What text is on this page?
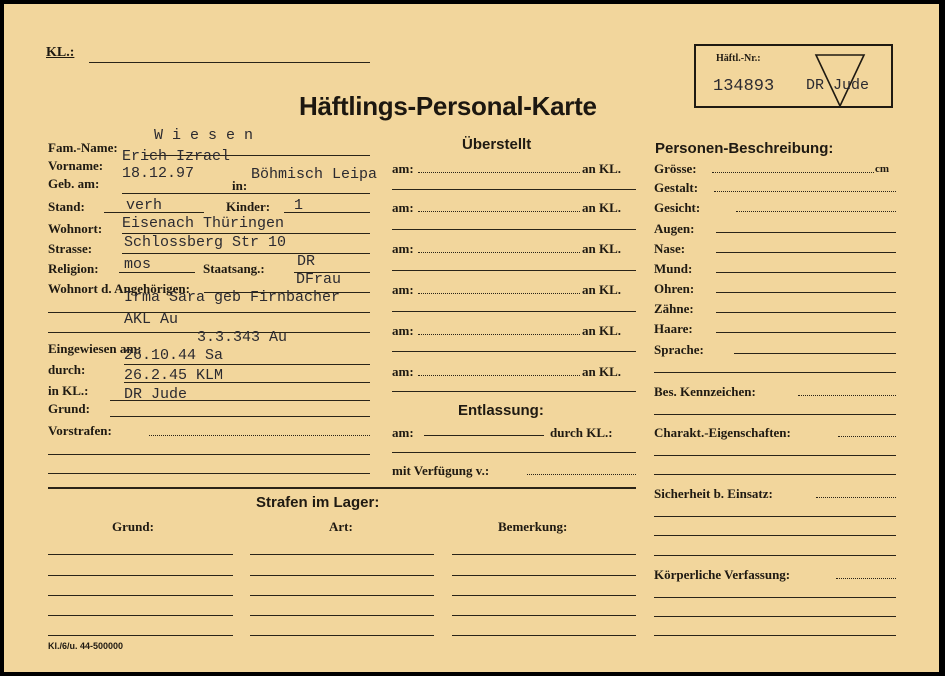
KL.:
Häftlings-Personal-Karte
Häftl.-Nr.:
134893 DR Jude
Fam.-Name:
W i e s e n
Vorname:
Erich Izrael
Geb. am:
18.12.97
in:
Böhmisch Leipa
Stand:	verh	Kinder: 1
Wohnort: Eisenach Thüringen
Strasse: Schlossberg Str 10
Religion: mos	Staatsang.: DR
Wohnort d. Angehörigen:
DFrau
Irma Sara geb Firnbacher
AKL Au
3.3.343 Au
Eingewiesen am:
26.10.44 Sa
durch:	26.2.45 KLM
in KL.: DR Jude
Grund:
Vorstrafen:
Überstellt
am:	an KL.
am:	an KL.
am:	an KL.
am:	an KL.
am:	an KL.
am:	an KL.
Entlassung:
am:	durch KL.:
mit Verfügung v.:
Personen-Beschreibung:
Grösse:	cm
Gestalt:
Gesicht:
Augen:
Nase:
Mund:
Ohren:
Zähne:
Haare:
Sprache:
Bes. Kennzeichen:
Charakt.-Eigenschaften:
Sicherheit b. Einsatz:
Körperliche Verfassung:
Strafen im Lager:
Grund:	Art:	Bemerkung:
Kl./6/u. 44-500000
